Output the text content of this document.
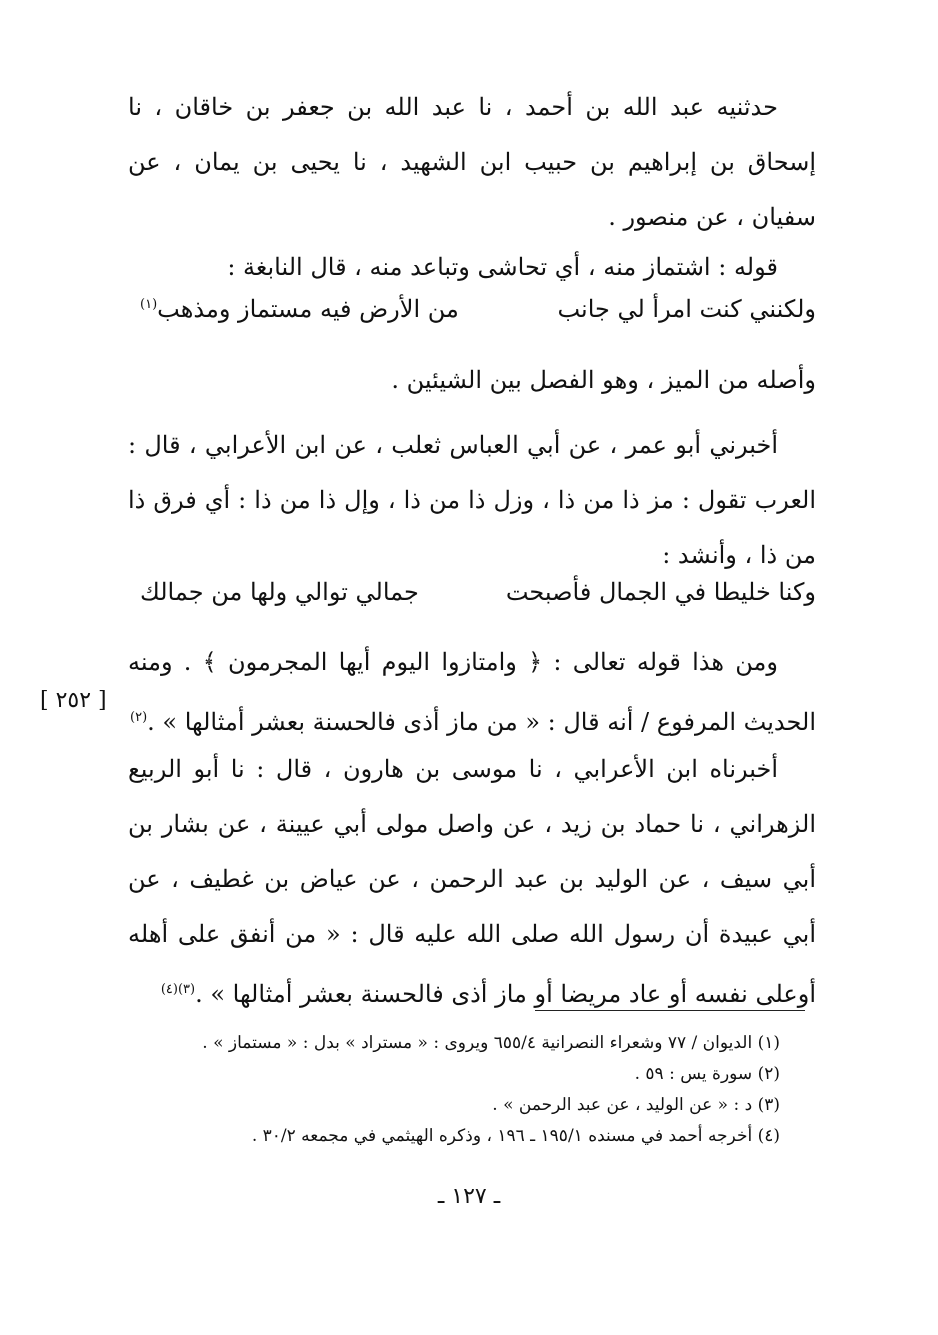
حدثنيه عبد الله بن أحمد ، نا عبد الله بن جعفر بن خاقان ، نا إسحاق بن إبراهيم بن حبيب ابن الشهيد ، نا يحيى بن يمان ، عن سفيان ، عن منصور .

قوله : اشتماز منه ، أي تحاشى وتباعد منه ، قال النابغة :

ولكنني كنت امرأ لي جانب
من الأرض فيه مستماز ومذهب$^{(١)}$

وأصله من الميز ، وهو الفصل بين الشيئين .

أخبرني أبو عمر ، عن أبي العباس ثعلب ، عن ابن الأعرابي ، قال : العرب تقول : مز ذا من ذا ، وزل ذا من ذا ، وإل ذا من ذا : أي فرق ذا من ذا ، وأنشد :

وكنا خليطا في الجمال فأصبحت
جمالي توالي ولها من جمالك

ومن هذا قوله تعالى : ﴿ وامتازوا اليوم أيها المجرمون ﴾ . ومنه الحديث المرفوع / أنه قال : « من ماز أذى فالحسنة بعشر أمثالها » .$^{(٢)}$

[ ٢٥٢ ]

أخبرناه ابن الأعرابي ، نا موسى بن هارون ، قال : نا أبو الربيع الزهراني ، نا حماد بن زيد ، عن واصل مولى أبي عيينة ، عن بشار بن أبي سيف ، عن الوليد بن عبد الرحمن ، عن عياض بن غطيف ، عن أبي عبيدة أن رسول الله صلى الله عليه قال : « من أنفق على أهله أوعلى نفسه أو عاد مريضا أو ماز أذى فالحسنة بعشر أمثالها » .$^{(٣)(٤)}$

(١) الديوان / ٧٧ وشعراء النصرانية ٦٥٥/٤ ويروى : « مستراد » بدل : « مستماز » .
(٢) سورة يس : ٥٩ .
(٣) د : « عن الوليد ، عن عبد الرحمن » .
(٤) أخرجه أحمد في مسنده ١٩٥/١ ـ ١٩٦ ، وذكره الهيثمي في مجمعه ٣٠/٢ .
ـ ١٢٧ ـ
